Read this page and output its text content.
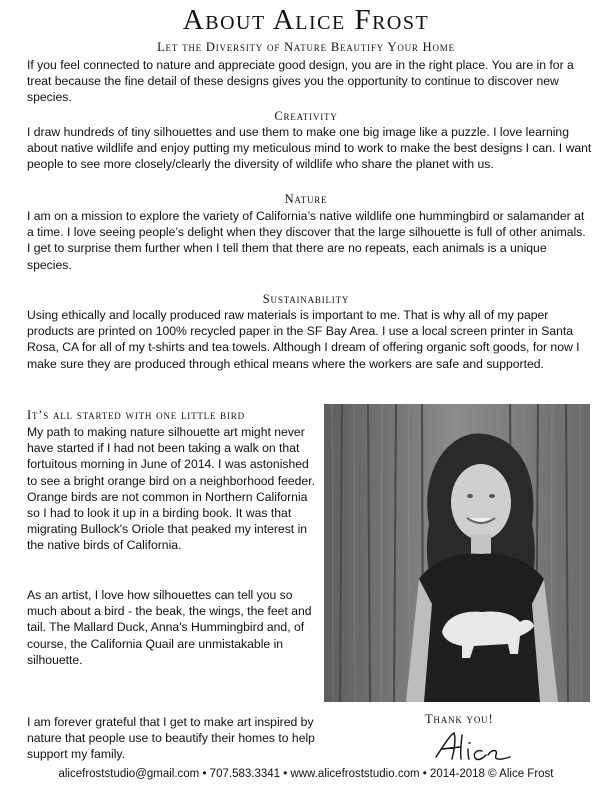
About Alice Frost
Let the Diversity of Nature Beautify Your Home

If you feel connected to nature and appreciate good design, you are in the right place. You are in for a treat because the fine detail of these designs gives you the opportunity to continue to discover new species.

Creativity

I draw hundreds of tiny silhouettes and use them to make one big image like a puzzle. I love learning about native wildlife and enjoy putting my meticulous mind to work to make the best designs I can. I want people to see more closely/clearly the diversity of wildlife who share the planet with us.

Nature

I am on a mission to explore the variety of California’s native wildlife one hummingbird or salamander at a time. I love seeing people’s delight when they discover that the large silhouette is full of other animals. I get to surprise them further when I tell them that there are no repeats, each animals is a unique species.

Sustainability

Using ethically and locally produced raw materials is important to me. That is why all of my paper products are printed on 100% recycled paper in the SF Bay Area. I use a local screen printer in Santa Rosa, CA for all of my t-shirts and tea towels. Although I dream of offering organic soft goods, for now I make sure they are produced through ethical means where the workers are safe and supported.

It’s all started with one little bird

My path to making nature silhouette art might never have started if I had not been taking a walk on that fortuitous morning in June of 2014. I was astonished to see a bright orange bird on a neighborhood feeder. Orange birds are not common in Northern California so I had to look it up in a birding book. It was that migrating Bullock's Oriole that peaked my interest in the native birds of California.

As an artist, I love how silhouettes can tell you so much about a bird - the beak, the wings, the feet and tail. The Mallard Duck, Anna's Hummingbird and, of course, the California Quail are unmistakable in silhouette.

I am forever grateful that I get to make art inspired by nature that people use to beautify their homes to help support my family.

Thank you!
alicefroststudio@gmail.com • 707.583.3341 • www.alicefroststudio.com • 2014-2018 © Alice Frost
